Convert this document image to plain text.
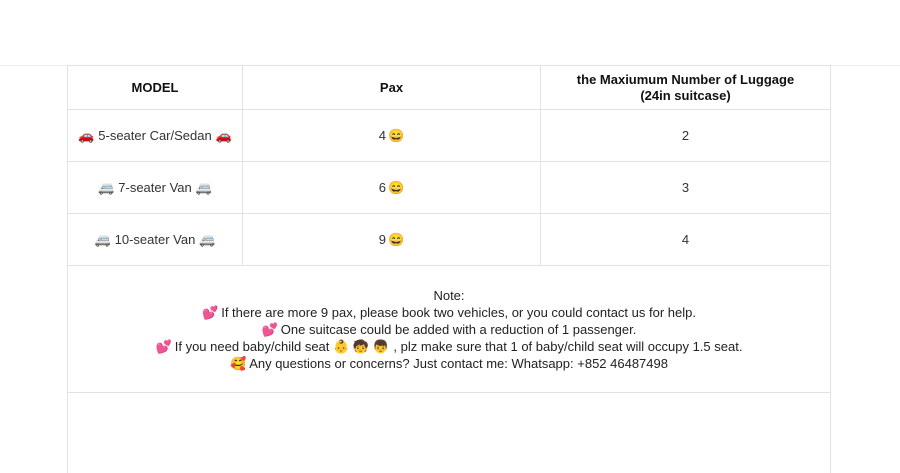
MODEL	Pax	the Maxiumum Number of Luggage
(24in suitcase)

🚗 5-seater Car/Sedan 🚗	4 😄	2
🚐 7-seater Van 🚐	6 😄	3
🚐 10-seater Van 🚐	9 😄	4

Note:
💕 If there are more 9 pax, please book two vehicles, or you could contact us for help.
💕 One suitcase could be added with a reduction of 1 passenger.
💕 If you need baby/child seat 👶 🧒 👦 , plz make sure that 1 of baby/child seat will occupy 1.5 seat.
🥰 Any questions or concerns? Just contact me: Whatsapp: +852 46487498		
